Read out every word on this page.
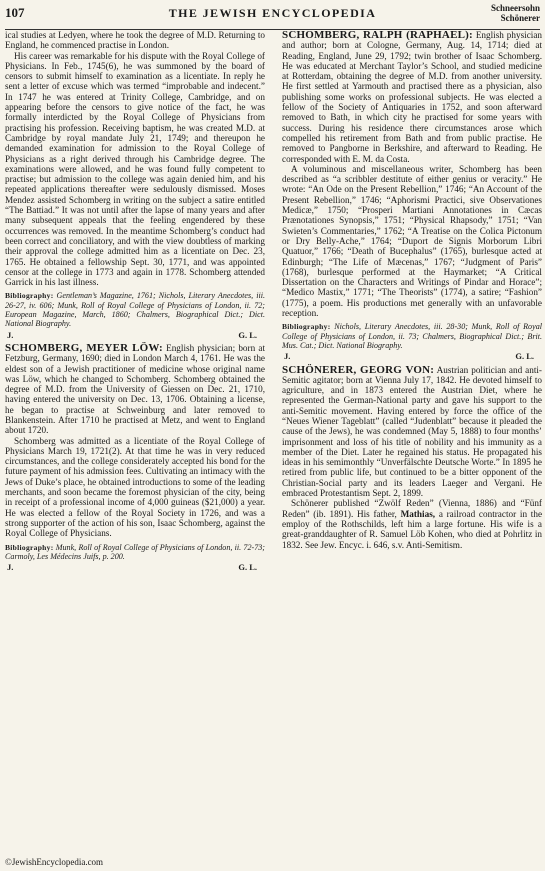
107	THE JEWISH ENCYCLOPEDIA	Schneersohn
Schönerer

ical studies at Ledyen, where he took the degree of M.D. Returning to England, he commenced practise in London.

His career was remarkable for his dispute with the Royal College of Physicians. In Feb., 1745(6), he was summoned by the board of censors to submit himself to examination as a licentiate. In reply he sent a letter of excuse which was termed “improbable and indecent.” In 1747 he was entered at Trinity College, Cambridge, and on appearing before the censors to give notice of the fact, he was formally interdicted by the Royal College of Physicians from practising his profession. Receiving baptism, he was created M.D. at Cambridge by royal mandate July 21, 1749; and thereupon he demanded examination for admission to the Royal College of Physicians as a right derived through his Cambridge degree. The examinations were allowed, and he was found fully competent to practise; but admission to the college was again denied him, and his repeated applications thereafter were sedulously dismissed. Moses Mendez assisted Schomberg in writing on the subject a satire entitled “The Battiad.” It was not until after the lapse of many years and after many subsequent appeals that the feeling engendered by these occurrences was removed. In the meantime Schomberg’s conduct had been correct and conciliatory, and with the view doubtless of marking their approval the college admitted him as a licentiate on Dec. 23, 1765. He obtained a fellowship Sept. 30, 1771, and was appointed censor at the college in 1773 and again in 1778. Schomberg attended Garrick in his last illness.

Bibliography: Gentleman’s Magazine, 1761; Nichols, Literary Anecdotes, iii. 26-27, iv. 606; Munk, Roll of Royal College of Physicians of London, ii. 72; European Magazine, March, 1860; Chalmers, Biographical Dict.; Dict. National Biography.
J.	G. L.

SCHOMBERG, MEYER LÖW: English physician; born at Fetzburg, Germany, 1690; died in London March 4, 1761. He was the eldest son of a Jewish practitioner of medicine whose original name was Löw, which he changed to Schomberg. Schomberg obtained the degree of M.D. from the University of Giessen on Dec. 21, 1710, having entered the university on Dec. 13, 1706. Obtaining a license, he began to practise at Schweinburg and later removed to Blankenstein. After 1710 he practised at Metz, and went to England about 1720.

Schomberg was admitted as a licentiate of the Royal College of Physicians March 19, 1721(2). At that time he was in very reduced circumstances, and the college considerately accepted his bond for the future payment of his admission fees. Cultivating an intimacy with the Jews of Duke’s place, he obtained introductions to some of the leading merchants, and soon became the foremost physician of the city, being in receipt of a professional income of 4,000 guineas ($21,000) a year. He was elected a fellow of the Royal Society in 1726, and was a strong supporter of the action of his son, Isaac Schomberg, against the Royal College of Physicians.

Bibliography: Munk, Roll of Royal College of Physicians of London, ii. 72-73; Carmoly, Les Médecins Juifs, p. 200.
J.	G. L.

SCHOMBERG, RALPH (RAPHAEL): English physician and author; born at Cologne, Germany, Aug. 14, 1714; died at Reading, England, June 29, 1792; twin brother of Isaac Schomberg. He was educated at Merchant Taylor’s School, and studied medicine at Rotterdam, obtaining the degree of M.D. from another university. He first settled at Yarmouth and practised there as a physician, also publishing some works on professional subjects. He was elected a fellow of the Society of Antiquaries in 1752, and soon afterward removed to Bath, in which city he practised for some years with success. During his residence there circumstances arose which compelled his retirement from Bath and from public practise. He removed to Pangborne in Berkshire, and afterward to Reading. He corresponded with E. M. da Costa.

A voluminous and miscellaneous writer, Schomberg has been described as “a scribbler destitute of either genius or veracity.” He wrote: “An Ode on the Present Rebellion,” 1746; “An Account of the Present Rebellion,” 1746; “Aphorismi Practici, sive Observationes Medicæ,” 1750; “Prosperi Martiani Annotationes in Cæcas Prænotationes Synopsis,” 1751; “Physical Rhapsody,” 1751; “Van Swieten’s Commentaries,” 1762; “A Treatise on the Colica Pictonum or Dry Belly-Ache,” 1764; “Duport de Signis Morborum Libri Quatuor,” 1766; “Death of Bucephalus” (1765), burlesque acted at Edinburgh; “The Life of Mæcenas,” 1767; “Judgment of Paris” (1768), burlesque performed at the Haymarket; “A Critical Dissertation on the Characters and Writings of Pindar and Horace”; “Medico Mastix,” 1771; “The Theorists” (1774), a satire; “Fashion” (1775), a poem. His productions met generally with an unfavorable reception.

Bibliography: Nichols, Literary Anecdotes, iii. 28-30; Munk, Roll of Royal College of Physicians of London, ii. 73; Chalmers, Biographical Dict.; Brit. Mus. Cat.; Dict. National Biography.
J.	G. L.

SCHÖNERER, GEORG VON: Austrian politician and anti-Semitic agitator; born at Vienna July 17, 1842. He devoted himself to agriculture, and in 1873 entered the Austrian Diet, where he represented the German-National party and gave his support to the anti-Semitic movement. Having entered by force the office of the “Neues Wiener Tageblatt” (called “Judenblatt” because it pleaded the cause of the Jews), he was condemned (May 5, 1888) to four months’ imprisonment and loss of his title of nobility and his immunity as a member of the Diet. Later he regained his status. He propagated his ideas in his semimonthly “Unverfälschte Deutsche Worte.” In 1895 he retired from public life, but continued to be a bitter opponent of the Christian-Social party and its leaders Laeger and Vergani. He embraced Protestantism Sept. 2, 1899.

Schönerer published “Zwölf Reden” (Vienna, 1886) and “Fünf Reden” (ib. 1891). His father, Mathias, a railroad contractor in the employ of the Rothschilds, left him a large fortune. His wife is a great-granddaughter of R. Samuel Löb Kohen, who died at Pohrlitz in 1832. See Jew. Encyc. i. 646, s.v. Anti-Semitism.

©JewishEncyclopedia.com
